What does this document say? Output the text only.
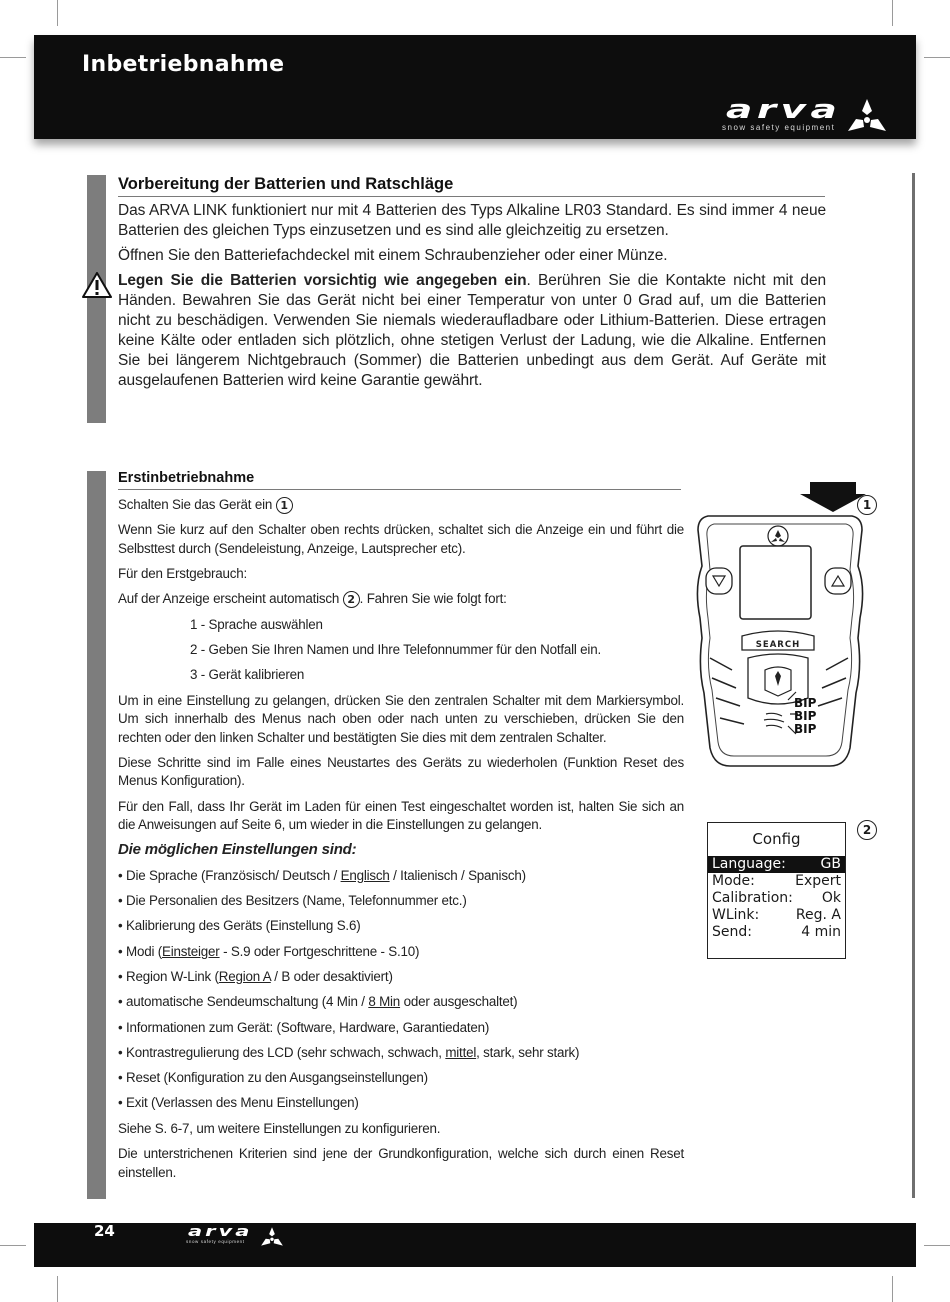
Inbetriebnahme
arva
snow safety equipment
Vorbereitung der Batterien und Ratschläge

Das ARVA LINK funktioniert nur mit 4 Batterien des Typs Alkaline LR03 Standard. Es sind immer 4 neue Batterien des gleichen Typs einzusetzen und es sind alle gleichzeitig zu ersetzen.

Öffnen Sie den Batteriefachdeckel mit einem Schraubenzieher oder einer Münze.

Legen Sie die Batterien vorsichtig wie angegeben ein. Berühren Sie die Kontakte nicht mit den Händen. Bewahren Sie das Gerät nicht bei einer Temperatur von unter 0 Grad auf, um die Batterien nicht zu beschädigen. Verwenden Sie niemals wiederaufladbare oder Lithium-Batterien. Diese ertragen keine Kälte oder entladen sich plötzlich, ohne stetigen Verlust der Ladung, wie die Alkaline. Entfernen Sie bei längerem Nichtgebrauch (Sommer) die Batterien unbedingt aus dem Gerät. Auf Geräte mit ausgelaufenen Batterien wird keine Garantie gewährt.

Erstinbetriebnahme

Schalten Sie das Gerät ein 1

Wenn Sie kurz auf den Schalter oben rechts drücken, schaltet sich die Anzeige ein und führt die Selbsttest durch (Sendeleistung, Anzeige, Lautsprecher etc).

Für den Erstgebrauch:

Auf der Anzeige erscheint automatisch 2 . Fahren Sie wie folgt fort:

1 - Sprache auswählen

2 - Geben Sie Ihren Namen und Ihre Telefonnummer für den Notfall ein.

3 - Gerät kalibrieren

Um in eine Einstellung zu gelangen, drücken Sie den zentralen Schalter mit dem Markiersymbol. Um sich innerhalb des Menus nach oben oder nach unten zu verschieben, drücken Sie den rechten oder den linken Schalter und bestätigten Sie dies mit dem zentralen Schalter.

Diese Schritte sind im Falle eines Neustartes des Geräts zu wiederholen (Funktion Reset des Menus Konfiguration).

Für den Fall, dass Ihr Gerät im Laden für einen Test eingeschaltet worden ist, halten Sie sich an die Anweisungen auf Seite 6, um wieder in die Einstellungen zu gelangen.

Die möglichen Einstellungen sind:

• Die Sprache (Französisch/ Deutsch / Englisch / Italienisch / Spanisch)

• Die Personalien des Besitzers (Name, Telefonnummer etc.)

• Kalibrierung des Geräts (Einstellung S.6)

• Modi (Einsteiger - S.9 oder Fortgeschrittene - S.10)

• Region W-Link (Region A / B oder desaktiviert)

• automatische Sendeumschaltung (4 Min / 8 Min oder ausgeschaltet)

• Informationen zum Gerät: (Software, Hardware, Garantiedaten)

• Kontrastregulierung des LCD (sehr schwach, schwach, mittel, stark, sehr stark)

• Reset (Konfiguration zu den Ausgangseinstellungen)

• Exit (Verlassen des Menu Einstellungen)

Siehe S. 6-7, um weitere Einstellungen zu konfigurieren.

Die unterstrichenen Kriterien sind jene der Grundkonfiguration, welche sich durch einen Reset einstellen.

SEARCH
BIP
BIP
BIP
1
2
Config
Language: GB
Mode:	Expert
Calibration: Ok
WLink:	Reg. A
Send:	4 min
24	arva
snow safety equipment
